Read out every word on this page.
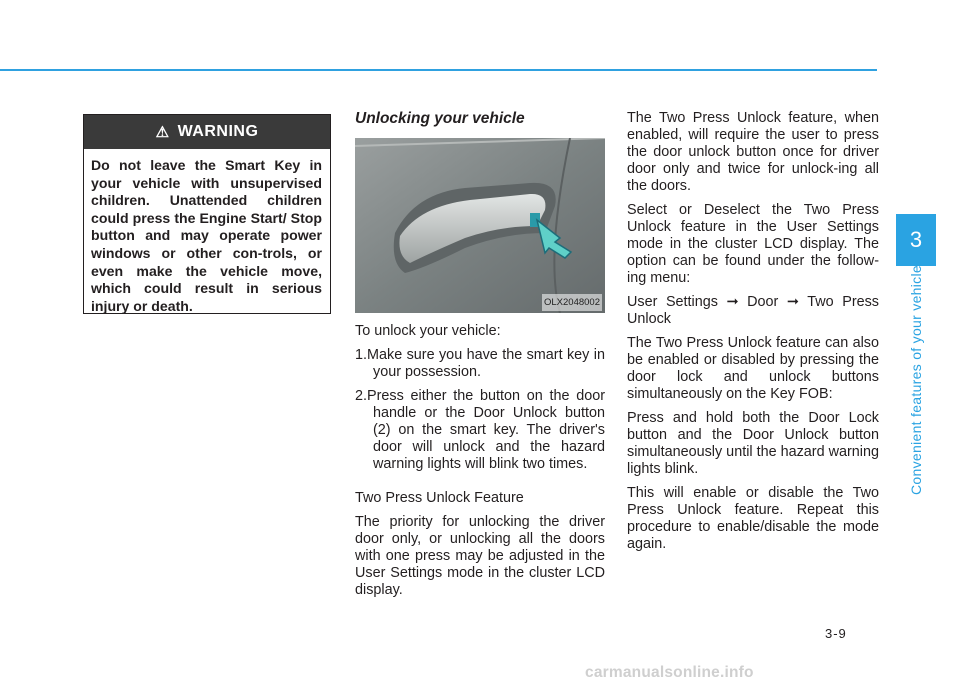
3
Convenient features of your vehicle
⚠ WARNING
Do not leave the Smart Key in your vehicle with unsupervised children. Unattended children could press the Engine Start/ Stop button and may operate power windows or other con-trols, or even make the vehicle move, which could result in serious injury or death.
Unlocking your vehicle
OLX2048002

To unlock your vehicle:

1.Make sure you have the smart key in your possession.

2.Press either the button on the door handle or the Door Unlock button (2) on the smart key. The driver's door will unlock and the hazard warning lights will blink two times.

Two Press Unlock Feature

The priority for unlocking the driver door only, or unlocking all the doors with one press may be adjusted in the User Settings mode in the cluster LCD display.

The Two Press Unlock feature, when enabled, will require the user to press the door unlock button once for driver door only and twice for unlock-ing all the doors.

Select or Deselect the Two Press Unlock feature in the User Settings mode in the cluster LCD display. The option can be found under the follow-ing menu:

User Settings ➞ Door ➞ Two Press Unlock

The Two Press Unlock feature can also be enabled or disabled by pressing the door lock and unlock buttons simultaneously on the Key FOB:

Press and hold both the Door Lock button and the Door Unlock button simultaneously until the hazard warning lights blink.

This will enable or disable the Two Press Unlock feature. Repeat this procedure to enable/disable the mode again.

3-9
carmanualsonline.info
